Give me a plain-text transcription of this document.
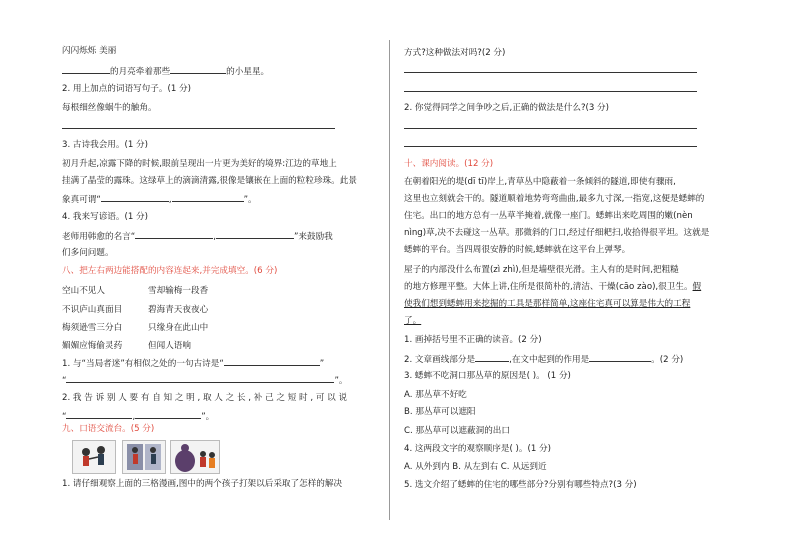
闪闪烁烁 美丽
的月亮牵着那些	的小星星。
2. 用上加点的词语写句子。(1 分)
每根细丝像蜗牛的触角。
3. 古诗我会用。(1 分)
初月升起,凉露下降的时候,眼前呈现出一片更为美好的境界:江边的草地上
挂满了晶莹的露珠。这绿草上的滴滴清露,很像是镶嵌在上面的粒粒珍珠。此景
象真可谓“	,	”。
4. 我来写谚语。(1 分)
老师用韩愈的名言“	,	”来鼓励我
们多问问题。
八、把左右两边能搭配的内容连起来,并完成填空。(6 分)
空山不见人	雪却输梅一段香
不识庐山真面目	碧海青天夜夜心
梅须逊雪三分白	只缘身在此山中
媚媚应悔偷灵药	但闻人语响
1. 与“当局者迷”有相似之处的一句古诗是“	”
“	”。
2. 我 告 诉 别 人 要 有 自 知 之 明 , 取 人 之 长 , 补 己 之 短 时 , 可 以 说
“	,	”。
九、口语交流台。(5 分)
1. 请仔细观察上面的三格漫画,图中的两个孩子打架以后采取了怎样的解决
方式?这种做法对吗?(2 分)
2. 你觉得同学之间争吵之后,正确的做法是什么?(3 分)
十、课内阅读。(12 分)
在朝着阳光的堤(dī tī)岸上,青草丛中隐蔽着一条倾斜的隧道,即使有骤雨,
这里也立刻就会干的。隧道顺着地势弯弯曲曲,最多九寸深,一指宽,这便是蟋蟀的
住宅。出口的地方总有一丛草半掩着,就像一座门。蟋蟀出来吃周围的嫩(nèn
nìng)草,决不去碰这一丛草。那微斜的门口,经过仔细耙扫,收拾得很平坦。这就是
蟋蟀的平台。当四周很安静的时候,蟋蟀就在这平台上弹琴。
屋子的内部没什么布置(zì zhì),但是墙壁很光滑。主人有的是时间,把粗糙
的地方修理平整。大体上讲,住所是很简朴的,清洁、干燥(cāo zào),很卫生。假
使我们想到蟋蟀用来挖掘的工具是那样简单,这座住宅真可以算是伟大的工程
了。
1. 画掉括号里不正确的读音。(2 分)
2. 文章画线部分是	,在文中起到的作用是	。(2 分)
3. 蟋蟀不吃洞口那丛草的原因是( )。 (1 分)
A. 那丛草不好吃
B. 那丛草可以遮阳
C. 那丛草可以遮蔽洞的出口
4. 这两段文字的观察顺序是( )。(1 分)
A. 从外到内 B. 从左到右 C. 从远到近
5. 选文介绍了蟋蟀的住宅的哪些部分?分别有哪些特点?(3 分)
